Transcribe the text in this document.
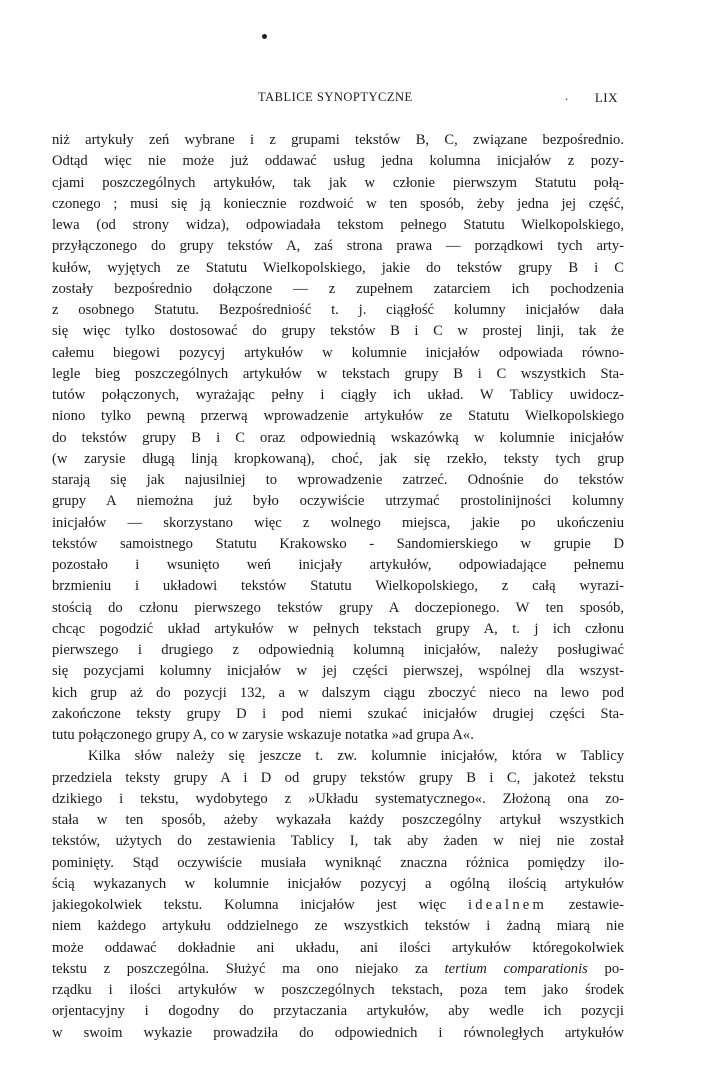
TABLICE SYNOPTYCZNE	. LIX
niż artykuły zeń wybrane i z grupami tekstów B, C, związane bezpośrednio.
Odtąd więc nie może już oddawać usług jedna kolumna inicjałów z pozy-
cjami poszczególnych artykułów, tak jak w członie pierwszym Statutu połą-
czonego ; musi się ją koniecznie rozdwoić w ten sposób, żeby jedna jej część,
lewa (od strony widza), odpowiadała tekstom pełnego Statutu Wielkopolskiego,
przyłączonego do grupy tekstów A, zaś strona prawa — porządkowi tych arty-
kułów, wyjętych ze Statutu Wielkopolskiego, jakie do tekstów grupy B i C
zostały bezpośrednio dołączone — z zupełnem zatarciem ich pochodzenia
z osobnego Statutu. Bezpośredniość t. j. ciągłość kolumny inicjałów dała
się więc tylko dostosować do grupy tekstów B i C w prostej linji, tak że
całemu biegowi pozycyj artykułów w kolumnie inicjałów odpowiada równo-
legle bieg poszczególnych artykułów w tekstach grupy B i C wszystkich Sta-
tutów połączonych, wyrażając pełny i ciągły ich układ. W Tablicy uwidocz-
niono tylko pewną przerwą wprowadzenie artykułów ze Statutu Wielkopolskiego
do tekstów grupy B i C oraz odpowiednią wskazówką w kolumnie inicjałów
(w zarysie długą linją kropkowaną), choć, jak się rzekło, teksty tych grup
starają się jak najusilniej to wprowadzenie zatrzeć. Odnośnie do tekstów
grupy A niemożna już było oczywiście utrzymać prostolinijności kolumny
inicjałów — skorzystano więc z wolnego miejsca, jakie po ukończeniu
tekstów samoistnego Statutu Krakowsko - Sandomierskiego w grupie D
pozostało i wsunięto weń inicjały artykułów, odpowiadające pełnemu
brzmieniu i układowi tekstów Statutu Wielkopolskiego, z całą wyrazi-
stością do członu pierwszego tekstów grupy A doczepionego. W ten sposób,
chcąc pogodzić układ artykułów w pełnych tekstach grupy A, t. j ich członu
pierwszego i drugiego z odpowiednią kolumną inicjałów, należy posługiwać
się pozycjami kolumny inicjałów w jej części pierwszej, wspólnej dla wszyst-
kich grup aż do pozycji 132, a w dalszym ciągu zboczyć nieco na lewo pod
zakończone teksty grupy D i pod niemi szukać inicjałów drugiej części Sta-
tutu połączonego grupy A, co w zarysie wskazuje notatka »ad grupa A«.
Kilka słów należy się jeszcze t. zw. kolumnie inicjałów, która w Tablicy
przedziela teksty grupy A i D od grupy tekstów grupy B i C, jakoteż tekstu
dzikiego i tekstu, wydobytego z »Układu systematycznego«. Złożoną ona zo-
stała w ten sposób, ażeby wykazała każdy poszczególny artykuł wszystkich
tekstów, użytych do zestawienia Tablicy I, tak aby żaden w niej nie został
pominięty. Stąd oczywiście musiała wyniknąć znaczna różnica pomiędzy ilo-
ścią wykazanych w kolumnie inicjałów pozycyj a ogólną ilością artykułów
jakiegokolwiek tekstu. Kolumna inicjałów jest więc idealnem zestawie-
niem każdego artykułu oddzielnego ze wszystkich tekstów i żadną miarą nie
może oddawać dokładnie ani układu, ani ilości artykułów któregokolwiek
tekstu z poszczególna. Służyć ma ono niejako za tertium comparationis po-
rządku i ilości artykułów w poszczególnych tekstach, poza tem jako środek
orjentacyjny i dogodny do przytaczania artykułów, aby wedle ich pozycji
w swoim wykazie prowadziła do odpowiednich i równoległych artykułów
